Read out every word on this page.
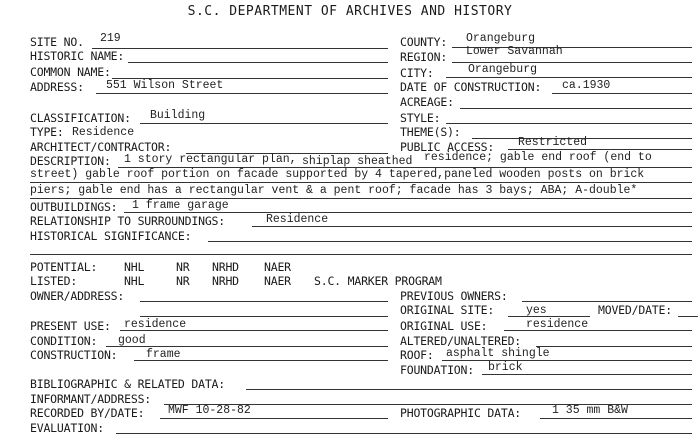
S.C. DEPARTMENT OF ARCHIVES AND HISTORY
SITE NO. 219
HISTORIC NAME:
COMMON NAME:
ADDRESS: 551 Wilson Street
COUNTY: Orangeburg
REGION: Lower Savannah
CITY:	Orangeburg
DATE OF CONSTRUCTION: ca.1930
ACREAGE:
CLASSIFICATION: Building	STYLE:
TYPE: Residence	THEME(S):
ARCHITECT/CONTRACTOR:	PUBLIC ACCESS: Restricted
DESCRIPTION: 1 story rectangular plan, shiplap sheathed residence; gable end roof (end to
street) gable roof portion on facade supported by 4 tapered,paneled wooden posts on brick
piers; gable end has a rectangular vent & a pent roof; facade has 3 bays; ABA; A-double*
OUTBUILDINGS: 1 frame garage
RELATIONSHIP TO SURROUNDINGS:	Residence
HISTORICAL SIGNIFICANCE:
POTENTIAL: NHL	NR NRHD NAER
LISTED:	NHL	NR NRHD NAER S.C. MARKER PROGRAM
OWNER/ADDRESS:	PREVIOUS OWNERS:
ORIGINAL SITE:	yes	MOVED/DATE:
PRESENT USE: residence	ORIGINAL USE:	residence
CONDITION: good	ALTERED/UNALTERED:
CONSTRUCTION: frame	ROOF: asphalt shingle
FOUNDATION: brick
BIBLIOGRAPHIC & RELATED DATA:
INFORMANT/ADDRESS:
RECORDED BY/DATE: MWF 10-28-82	PHOTOGRAPHIC DATA:	1 35 mm B&W
EVALUATION:
